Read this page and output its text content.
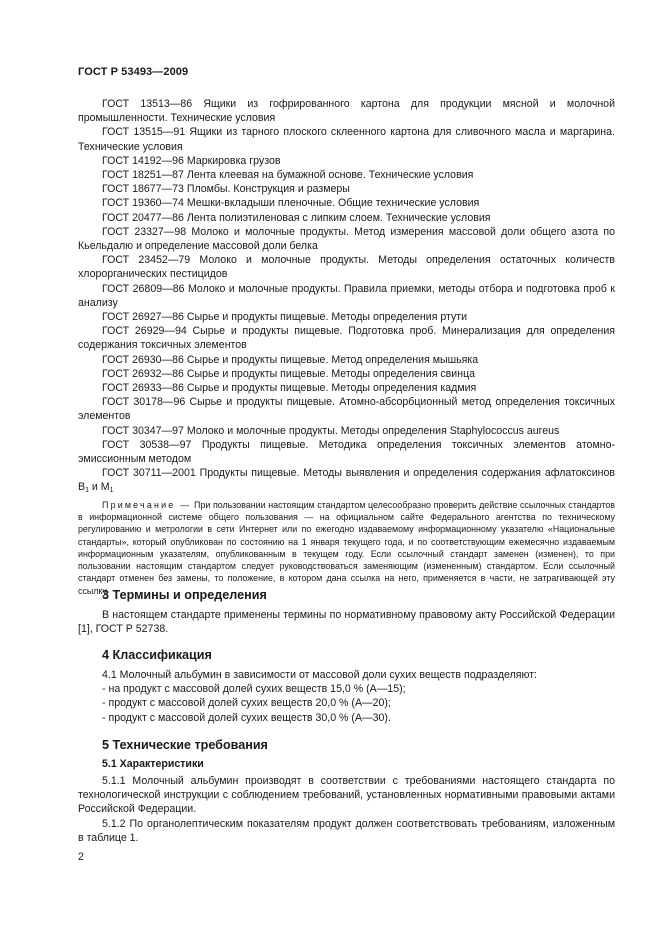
ГОСТ Р 53493—2009

ГОСТ 13513—86 Ящики из гофрированного картона для продукции мясной и молочной промышленности. Технические условия

ГОСТ 13515—91 Ящики из тарного плоского склеенного картона для сливочного масла и маргарина. Технические условия

ГОСТ 14192—96 Маркировка грузов

ГОСТ 18251—87 Лента клеевая на бумажной основе. Технические условия

ГОСТ 18677—73 Пломбы. Конструкция и размеры

ГОСТ 19360—74 Мешки-вкладыши пленочные. Общие технические условия

ГОСТ 20477—86 Лента полиэтиленовая с липким слоем. Технические условия

ГОСТ 23327—98 Молоко и молочные продукты. Метод измерения массовой доли общего азота по Кьельдалю и определение массовой доли белка

ГОСТ 23452—79 Молоко и молочные продукты. Методы определения остаточных количеств хлорорганических пестицидов

ГОСТ 26809—86 Молоко и молочные продукты. Правила приемки, методы отбора и подготовка проб к анализу

ГОСТ 26927—86 Сырье и продукты пищевые. Методы определения ртути

ГОСТ 26929—94 Сырье и продукты пищевые. Подготовка проб. Минерализация для определения содержания токсичных элементов

ГОСТ 26930—86 Сырье и продукты пищевые. Метод определения мышьяка

ГОСТ 26932—86 Сырье и продукты пищевые. Методы определения свинца

ГОСТ 26933—86 Сырье и продукты пищевые. Методы определения кадмия

ГОСТ 30178—96 Сырье и продукты пищевые. Атомно-абсорбционный метод определения токсичных элементов

ГОСТ 30347—97 Молоко и молочные продукты. Методы определения Staphylococcus aureus

ГОСТ 30538—97 Продукты пищевые. Методика определения токсичных элементов атомно-эмиссионным методом

ГОСТ 30711—2001 Продукты пищевые. Методы выявления и определения содержания афлатоксинов $В_1$ и $М_1$

Примечание — При пользовании настоящим стандартом целесообразно проверить действие ссылочных стандартов в информационной системе общего пользования — на официальном сайте Федерального агентства по техническому регулированию и метрологии в сети Интернет или по ежегодно издаваемому информационному указателю «Национальные стандарты», который опубликован по состоянию на 1 января текущего года, и по соответствующим ежемесячно издаваемым информационным указателям, опубликованным в текущем году. Если ссылочный стандарт заменен (изменен), то при пользовании настоящим стандартом следует руководствоваться заменяющим (измененным) стандартом. Если ссылочный стандарт отменен без замены, то положение, в котором дана ссылка на него, применяется в части, не затрагивающей эту ссылку.

3 Термины и определения

В настоящем стандарте применены термины по нормативному правовому акту Российской Федерации [1], ГОСТ Р 52738.

4 Классификация

4.1 Молочный альбумин в зависимости от массовой доли сухих веществ подразделяют:

- на продукт с массовой долей сухих веществ 15,0 % (А—15);

- продукт с массовой долей сухих веществ 20,0 % (А—20);

- продукт с массовой долей сухих веществ 30,0 % (А—30).

5 Технические требования

5.1 Характеристики

5.1.1 Молочный альбумин производят в соответствии с требованиями настоящего стандарта по технологической инструкции с соблюдением требований, установленных нормативными правовыми актами Российской Федерации.

5.1.2 По органолептическим показателям продукт должен соответствовать требованиям, изложенным в таблице 1.

2
